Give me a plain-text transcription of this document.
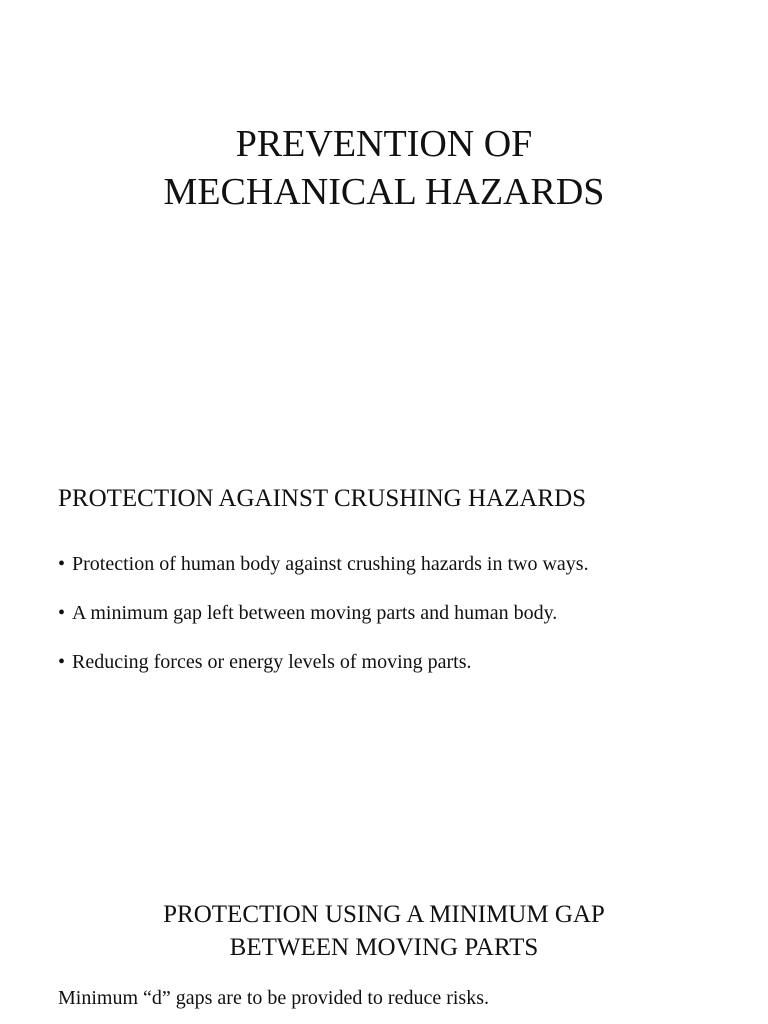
PREVENTION OF
MECHANICAL HAZARDS
PROTECTION AGAINST CRUSHING HAZARDS
• Protection of human body against crushing hazards in two ways.
• A minimum gap left between moving parts and human body.
• Reducing forces or energy levels of moving parts.
PROTECTION USING A MINIMUM GAP
BETWEEN MOVING PARTS
Minimum “d” gaps are to be provided to reduce risks.
